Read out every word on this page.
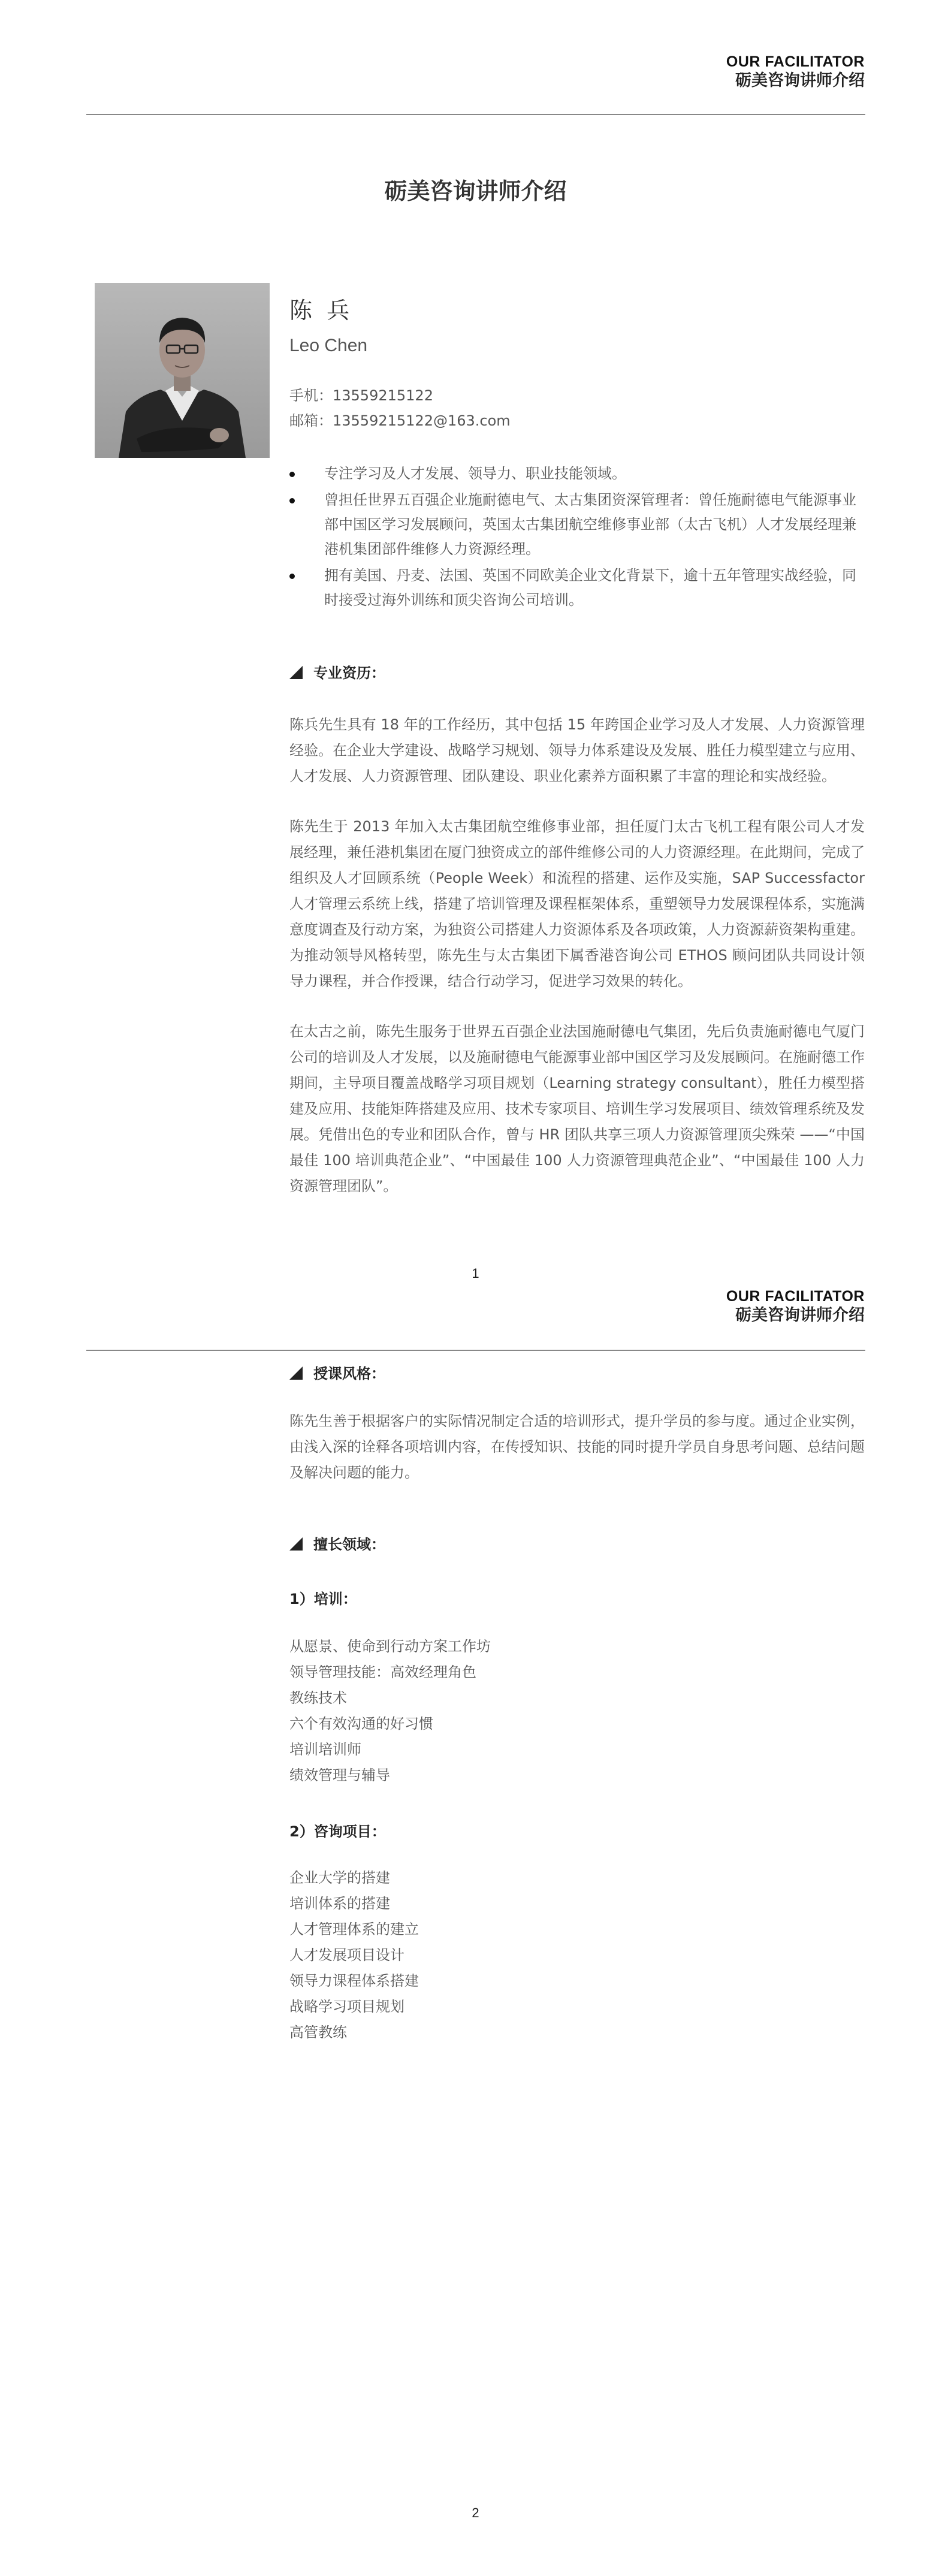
OUR FACILITATOR
砺美咨询讲师介绍
砺美咨询讲师介绍
陈 兵
Leo Chen
手机：13559215122
邮箱：13559215122@163.com
专注学习及人才发展、领导力、职业技能领域。
曾担任世界五百强企业施耐德电气、太古集团资深管理者：曾任施耐德电气能源事业部中国区学习发展顾问，英国太古集团航空维修事业部（太古飞机）人才发展经理兼港机集团部件维修人力资源经理。
拥有美国、丹麦、法国、英国不同欧美企业文化背景下，逾十五年管理实战经验，同时接受过海外训练和顶尖咨询公司培训。
专业资历：

陈兵先生具有 18 年的工作经历，其中包括 15 年跨国企业学习及人才发展、人力资源管理经验。在企业大学建设、战略学习规划、领导力体系建设及发展、胜任力模型建立与应用、人才发展、人力资源管理、团队建设、职业化素养方面积累了丰富的理论和实战经验。

陈先生于 2013 年加入太古集团航空维修事业部，担任厦门太古飞机工程有限公司人才发展经理，兼任港机集团在厦门独资成立的部件维修公司的人力资源经理。在此期间，完成了组织及人才回顾系统（People Week）和流程的搭建、运作及实施，SAP Successfactor 人才管理云系统上线，搭建了培训管理及课程框架体系，重塑领导力发展课程体系，实施满意度调查及行动方案，为独资公司搭建人力资源体系及各项政策，人力资源薪资架构重建。为推动领导风格转型，陈先生与太古集团下属香港咨询公司 ETHOS 顾问团队共同设计领导力课程，并合作授课，结合行动学习，促进学习效果的转化。

在太古之前，陈先生服务于世界五百强企业法国施耐德电气集团，先后负责施耐德电气厦门公司的培训及人才发展，以及施耐德电气能源事业部中国区学习及发展顾问。在施耐德工作期间，主导项目覆盖战略学习项目规划（Learning strategy consultant），胜任力模型搭建及应用、技能矩阵搭建及应用、技术专家项目、培训生学习发展项目、绩效管理系统及发展。凭借出色的专业和团队合作，曾与 HR 团队共享三项人力资源管理顶尖殊荣 ——“中国最佳 100 培训典范企业”、“中国最佳 100 人力资源管理典范企业”、“中国最佳 100 人力资源管理团队”。

1
OUR FACILITATOR
砺美咨询讲师介绍
授课风格：

陈先生善于根据客户的实际情况制定合适的培训形式，提升学员的参与度。通过企业实例，由浅入深的诠释各项培训内容，在传授知识、技能的同时提升学员自身思考问题、总结问题及解决问题的能力。

擅长领域：
1）培训：
从愿景、使命到行动方案工作坊
领导管理技能：高效经理角色
教练技术
六个有效沟通的好习惯
培训培训师
绩效管理与辅导
2）咨询项目：
企业大学的搭建
培训体系的搭建
人才管理体系的建立
人才发展项目设计
领导力课程体系搭建
战略学习项目规划
高管教练
2
